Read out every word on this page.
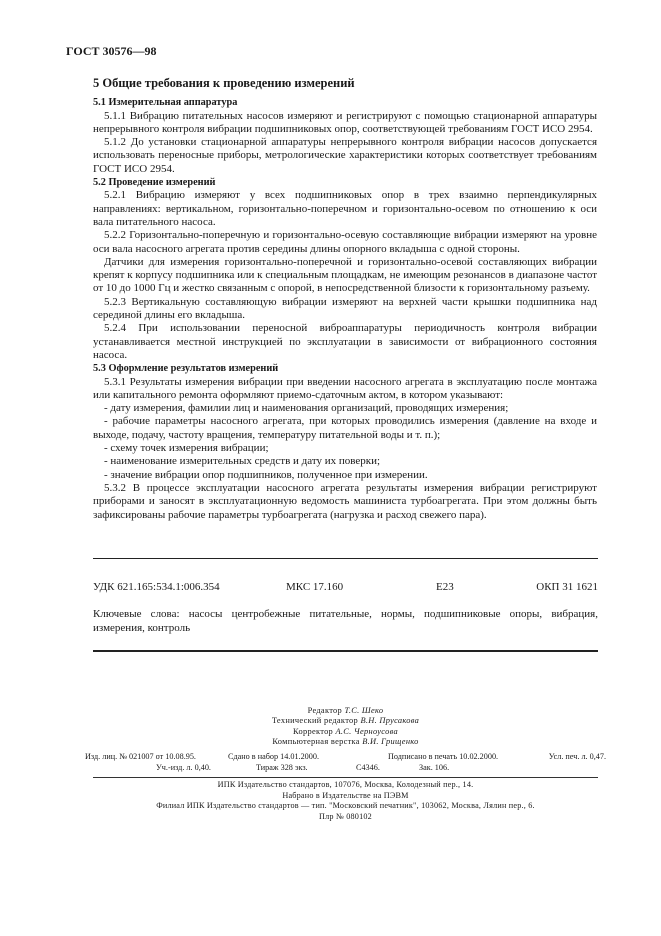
ГОСТ 30576—98
5 Общие требования к проведению измерений
5.1 Измерительная аппаратура

5.1.1 Вибрацию питательных насосов измеряют и регистрируют с помощью стационарной аппаратуры непрерывного контроля вибрации подшипниковых опор, соответствующей требованиям ГОСТ ИСО 2954.

5.1.2 До установки стационарной аппаратуры непрерывного контроля вибрации насосов допускается использовать переносные приборы, метрологические характеристики которых соответствует требованиям ГОСТ ИСО 2954.

5.2 Проведение измерений

5.2.1 Вибрацию измеряют у всех подшипниковых опор в трех взаимно перпендикулярных направлениях: вертикальном, горизонтально-поперечном и горизонтально-осевом по отношению к оси вала питательного насоса.

5.2.2 Горизонтально-поперечную и горизонтально-осевую составляющие вибрации измеряют на уровне оси вала насосного агрегата против середины длины опорного вкладыша с одной стороны.

Датчики для измерения горизонтально-поперечной и горизонтально-осевой составляющих вибрации крепят к корпусу подшипника или к специальным площадкам, не имеющим резонансов в диапазоне частот от 10 до 1000 Гц и жестко связанным с опорой, в непосредственной близости к горизонтальному разъему.

5.2.3 Вертикальную составляющую вибрации измеряют на верхней части крышки подшипника над серединой длины его вкладыша.

5.2.4 При использовании переносной виброаппаратуры периодичность контроля вибрации устанавливается местной инструкцией по эксплуатации в зависимости от вибрационного состояния насоса.

5.3 Оформление результатов измерений

5.3.1 Результаты измерения вибрации при введении насосного агрегата в эксплуатацию после монтажа или капитального ремонта оформляют приемо-сдаточным актом, в котором указывают:

- дату измерения, фамилии лиц и наименования организаций, проводящих измерения;

- рабочие параметры насосного агрегата, при которых проводились измерения (давление на входе и выходе, подачу, частоту вращения, температуру питательной воды и т. п.);

- схему точек измерения вибрации;

- наименование измерительных средств и дату их поверки;

- значение вибрации опор подшипников, полученное при измерении.

5.3.2 В процессе эксплуатации насосного агрегата результаты измерения вибрации регистрируют приборами и заносят в эксплуатационную ведомость машиниста турбоагрегата. При этом должны быть зафиксированы рабочие параметры турбоагрегата (нагрузка и расход свежего пара).

УДК 621.165:534.1:006.354	МКС 17.160	Е23	ОКП 31 1621
Ключевые слова: насосы центробежные питательные, нормы, подшипниковые опоры, вибрация, измерения, контроль
Редактор Т.С. Шеко
Технический редактор В.Н. Прусакова
Корректор А.С. Черноусова
Компьютерная верстка В.И. Грищенко
Изд. лиц. № 021007 от 10.08.95.	Сдано в набор 14.01.2000.	Подписано в печать 10.02.2000.	Усл. печ. л. 0,47.
Уч.-изд. л. 0,40.	Тираж 328 экз.	С4346.	Зак. 106.
ИПК Издательство стандартов, 107076, Москва, Колодезный пер., 14.
Набрано в Издательстве на ПЭВМ
Филиал ИПК Издательство стандартов — тип. "Московский печатник", 103062, Москва, Лялин пер., 6.
Плр № 080102
